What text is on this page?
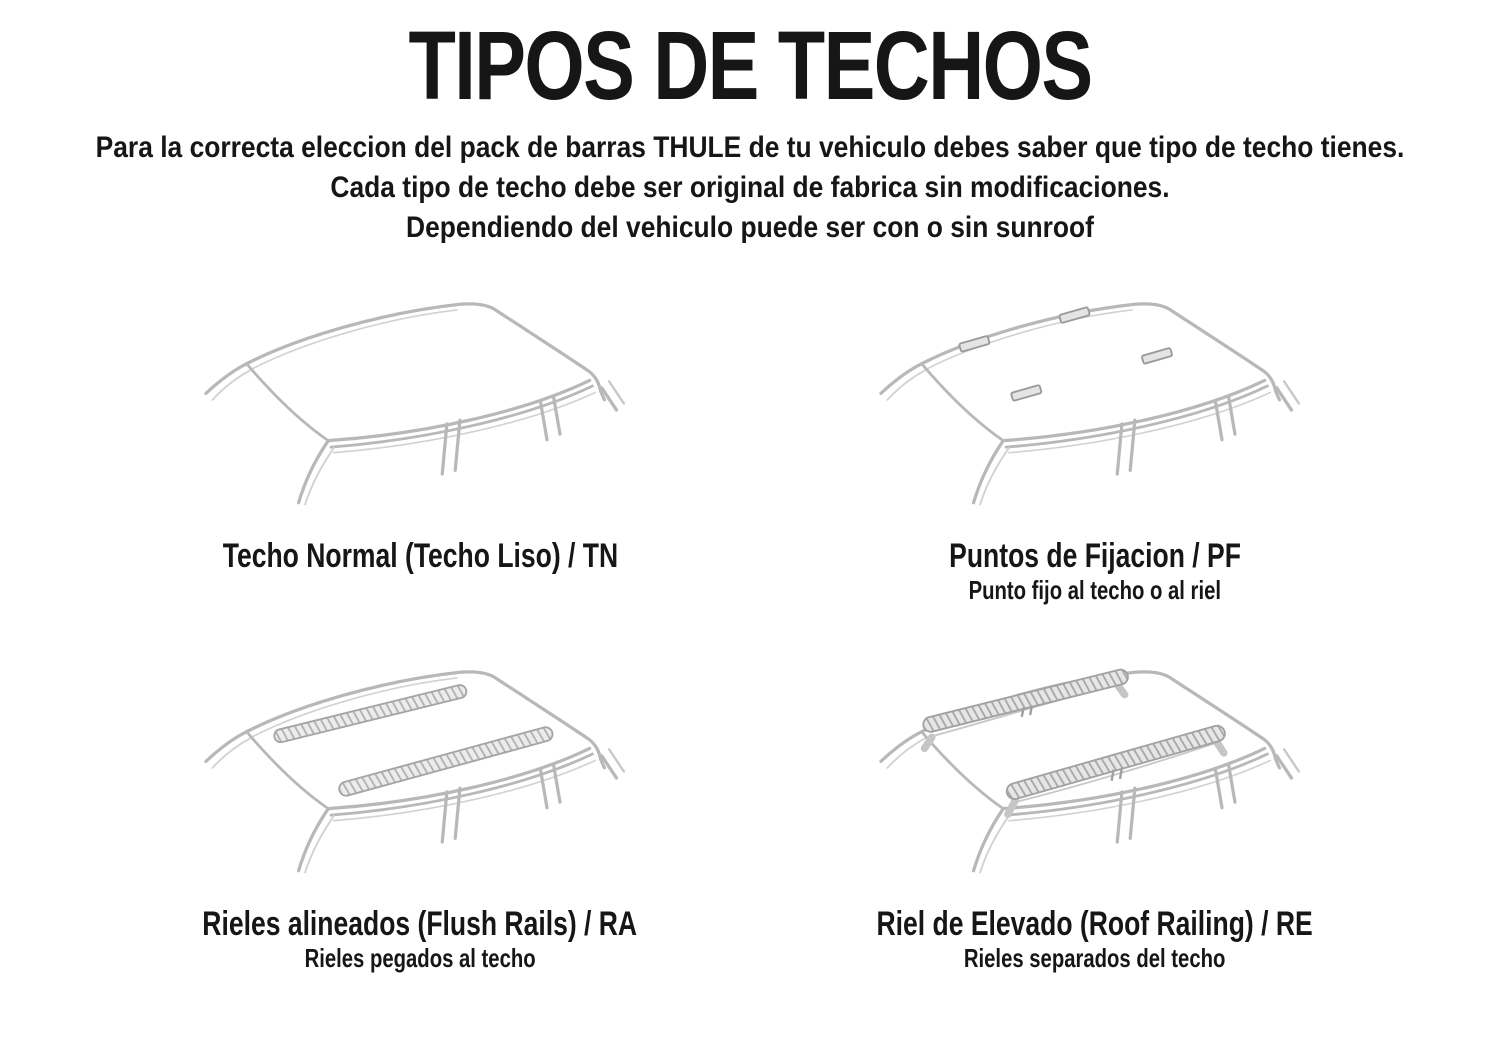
TIPOS DE TECHOS
Para la correcta eleccion del pack de barras THULE de tu vehiculo debes saber que tipo de techo tienes.
Cada tipo de techo debe ser original de fabrica sin modificaciones.
Dependiendo del vehiculo puede ser con o sin sunroof
Techo Normal (Techo Liso) / TN	Puntos de Fijacion / PF
Punto fijo al techo o al riel
Rieles alineados (Flush Rails) / RA
Rieles pegados al techo
Riel de Elevado (Roof Railing) / RE
Rieles separados del techo
